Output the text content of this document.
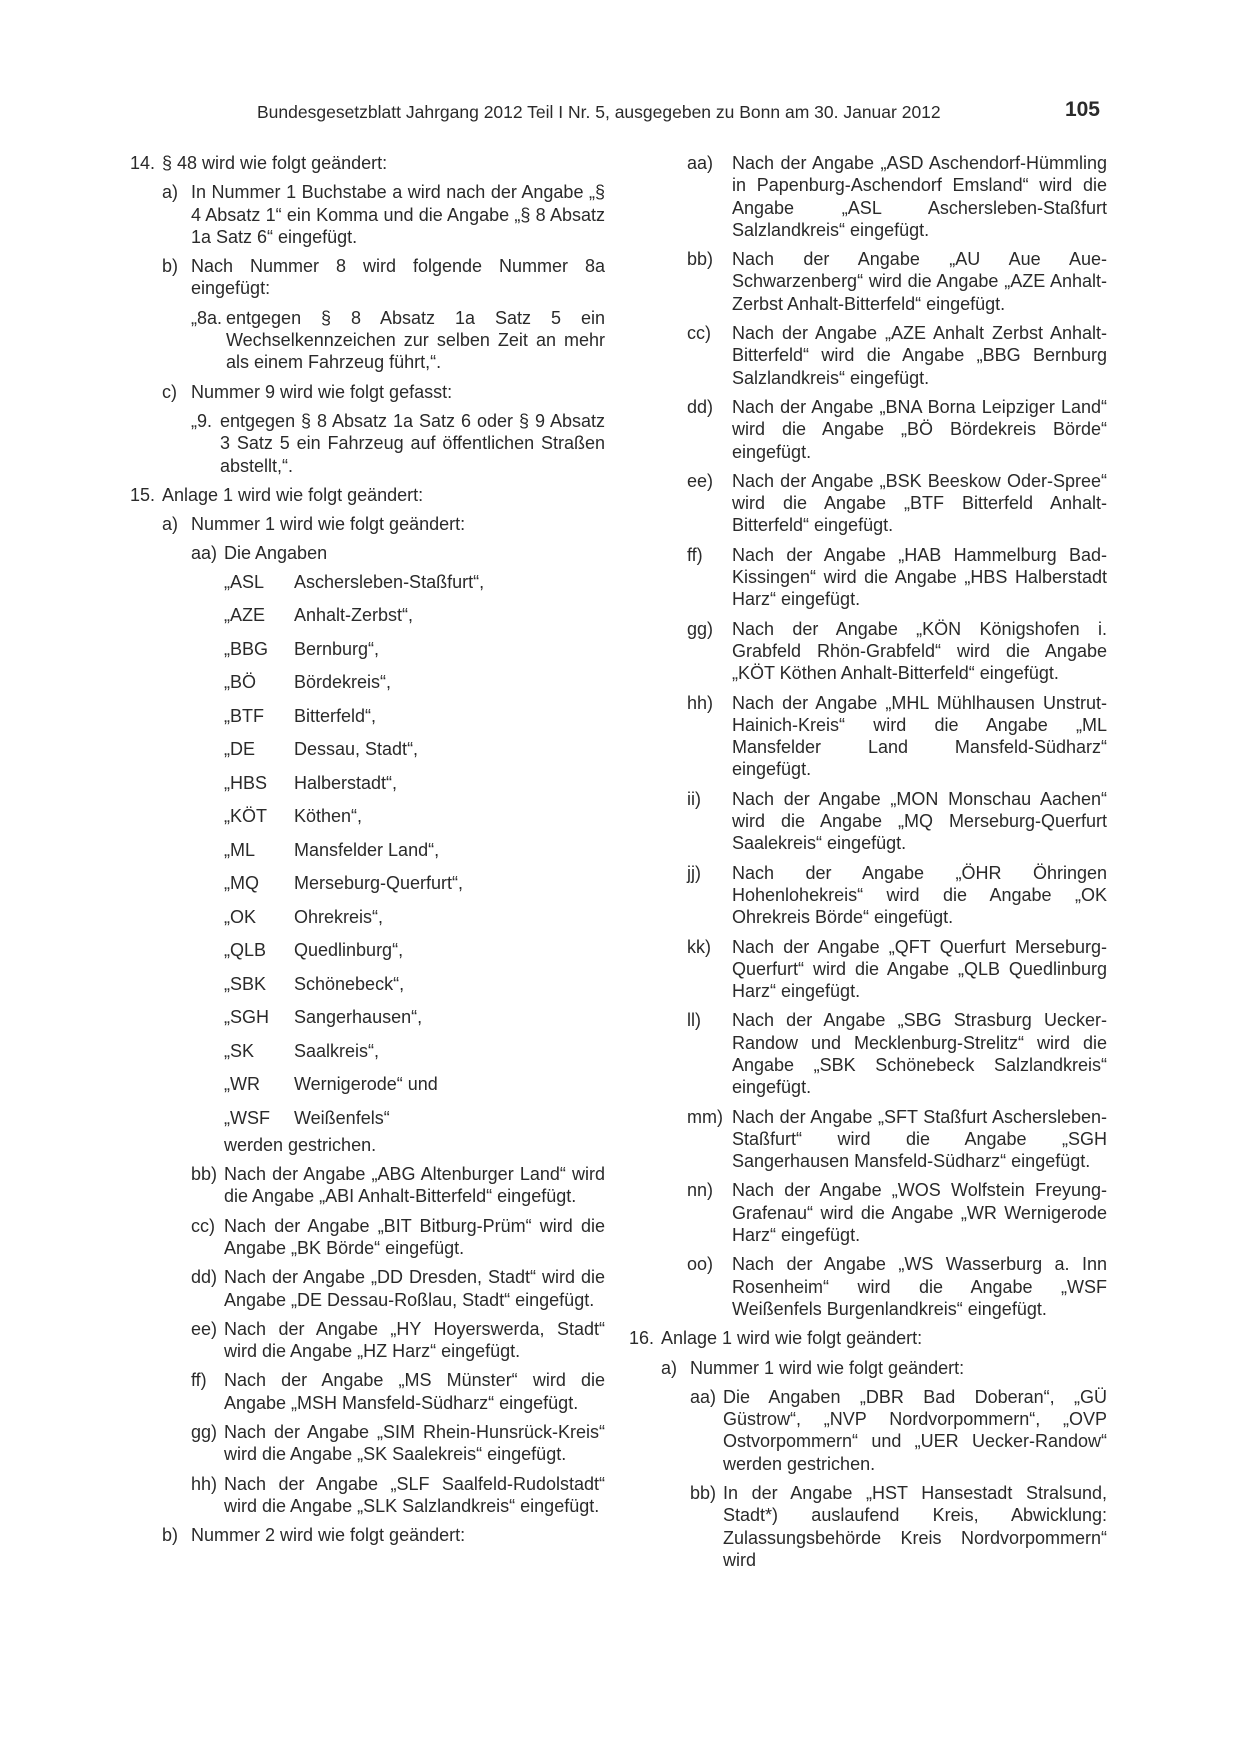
Bundesgesetzblatt Jahrgang 2012 Teil I Nr. 5, ausgegeben zu Bonn am 30. Januar 2012	105
14. § 48 wird wie folgt geändert:
a) In Nummer 1 Buchstabe a wird nach der Angabe „§ 4 Absatz 1“ ein Komma und die Angabe „§ 8 Absatz 1a Satz 6“ eingefügt.
b) Nach Nummer 8 wird folgende Nummer 8a eingefügt:
„8a. entgegen § 8 Absatz 1a Satz 5 ein Wechselkennzeichen zur selben Zeit an mehr als einem Fahrzeug führt,“.
c) Nummer 9 wird wie folgt gefasst:
„9. entgegen § 8 Absatz 1a Satz 6 oder § 9 Absatz 3 Satz 5 ein Fahrzeug auf öffentlichen Straßen abstellt,“.
15. Anlage 1 wird wie folgt geändert:
a) Nummer 1 wird wie folgt geändert:
aa) Die Angaben
„ASL	Aschersleben-Staßfurt“,
„AZE	Anhalt-Zerbst“,
„BBG	Bernburg“,
„BÖ	Bördekreis“,
„BTF	Bitterfeld“,
„DE	Dessau, Stadt“,
„HBS	Halberstadt“,
„KÖT	Köthen“,
„ML	Mansfelder Land“,
„MQ	Merseburg-Querfurt“,
„OK	Ohrekreis“,
„QLB	Quedlinburg“,
„SBK	Schönebeck“,
„SGH	Sangerhausen“,
„SK	Saalkreis“,
„WR	Wernigerode“ und
„WSF	Weißenfels“
werden gestrichen.
bb) Nach der Angabe „ABG Altenburger Land“ wird die Angabe „ABI Anhalt-Bitterfeld“ eingefügt.
cc) Nach der Angabe „BIT Bitburg-Prüm“ wird die Angabe „BK Börde“ eingefügt.
dd) Nach der Angabe „DD Dresden, Stadt“ wird die Angabe „DE Dessau-Roßlau, Stadt“ eingefügt.
ee) Nach der Angabe „HY Hoyerswerda, Stadt“ wird die Angabe „HZ Harz“ eingefügt.
ff) Nach der Angabe „MS Münster“ wird die Angabe „MSH Mansfeld-Südharz“ eingefügt.
gg) Nach der Angabe „SIM Rhein-Hunsrück-Kreis“ wird die Angabe „SK Saalekreis“ eingefügt.
hh) Nach der Angabe „SLF Saalfeld-Rudolstadt“ wird die Angabe „SLK Salzlandkreis“ eingefügt.
b) Nummer 2 wird wie folgt geändert:
aa)	Nach der Angabe „ASD Aschendorf-Hümmling in Papenburg-Aschendorf Emsland“ wird die Angabe „ASL Aschersleben-Staßfurt Salzlandkreis“ eingefügt.
bb)	Nach der Angabe „AU Aue Aue-Schwarzenberg“ wird die Angabe „AZE Anhalt-Zerbst Anhalt-Bitterfeld“ eingefügt.
cc)	Nach der Angabe „AZE Anhalt Zerbst Anhalt-Bitterfeld“ wird die Angabe „BBG Bernburg Salzlandkreis“ eingefügt.
dd)	Nach der Angabe „BNA Borna Leipziger Land“ wird die Angabe „BÖ Bördekreis Börde“ eingefügt.
ee)	Nach der Angabe „BSK Beeskow Oder-Spree“ wird die Angabe „BTF Bitterfeld Anhalt-Bitterfeld“ eingefügt.
ff)	Nach der Angabe „HAB Hammelburg Bad-Kissingen“ wird die Angabe „HBS Halberstadt Harz“ eingefügt.
gg)	Nach der Angabe „KÖN Königshofen i. Grabfeld Rhön-Grabfeld“ wird die Angabe „KÖT Köthen Anhalt-Bitterfeld“ eingefügt.
hh)	Nach der Angabe „MHL Mühlhausen Unstrut-Hainich-Kreis“ wird die Angabe „ML Mansfelder Land Mansfeld-Südharz“ eingefügt.
ii)	Nach der Angabe „MON Monschau Aachen“ wird die Angabe „MQ Merseburg-Querfurt Saalekreis“ eingefügt.
jj)	Nach der Angabe „ÖHR Öhringen Hohenlohekreis“ wird die Angabe „OK Ohrekreis Börde“ eingefügt.
kk)	Nach der Angabe „QFT Querfurt Merseburg-Querfurt“ wird die Angabe „QLB Quedlinburg Harz“ eingefügt.
ll)	Nach der Angabe „SBG Strasburg Uecker-Randow und Mecklenburg-Strelitz“ wird die Angabe „SBK Schönebeck Salzlandkreis“ eingefügt.
mm) Nach der Angabe „SFT Staßfurt Aschersleben-Staßfurt“ wird die Angabe „SGH Sangerhausen Mansfeld-Südharz“ eingefügt.
nn)	Nach der Angabe „WOS Wolfstein Freyung-Grafenau“ wird die Angabe „WR Wernigerode Harz“ eingefügt.
oo)	Nach der Angabe „WS Wasserburg a. Inn Rosenheim“ wird die Angabe „WSF Weißenfels Burgenlandkreis“ eingefügt.
16. Anlage 1 wird wie folgt geändert:
a) Nummer 1 wird wie folgt geändert:
aa) Die Angaben „DBR Bad Doberan“, „GÜ Güstrow“, „NVP Nordvorpommern“, „OVP Ostvorpommern“ und „UER Uecker-Randow“ werden gestrichen.
bb) In der Angabe „HST Hansestadt Stralsund, Stadt*) auslaufend Kreis, Abwicklung: Zulassungsbehörde Kreis Nordvorpommern“ wird
